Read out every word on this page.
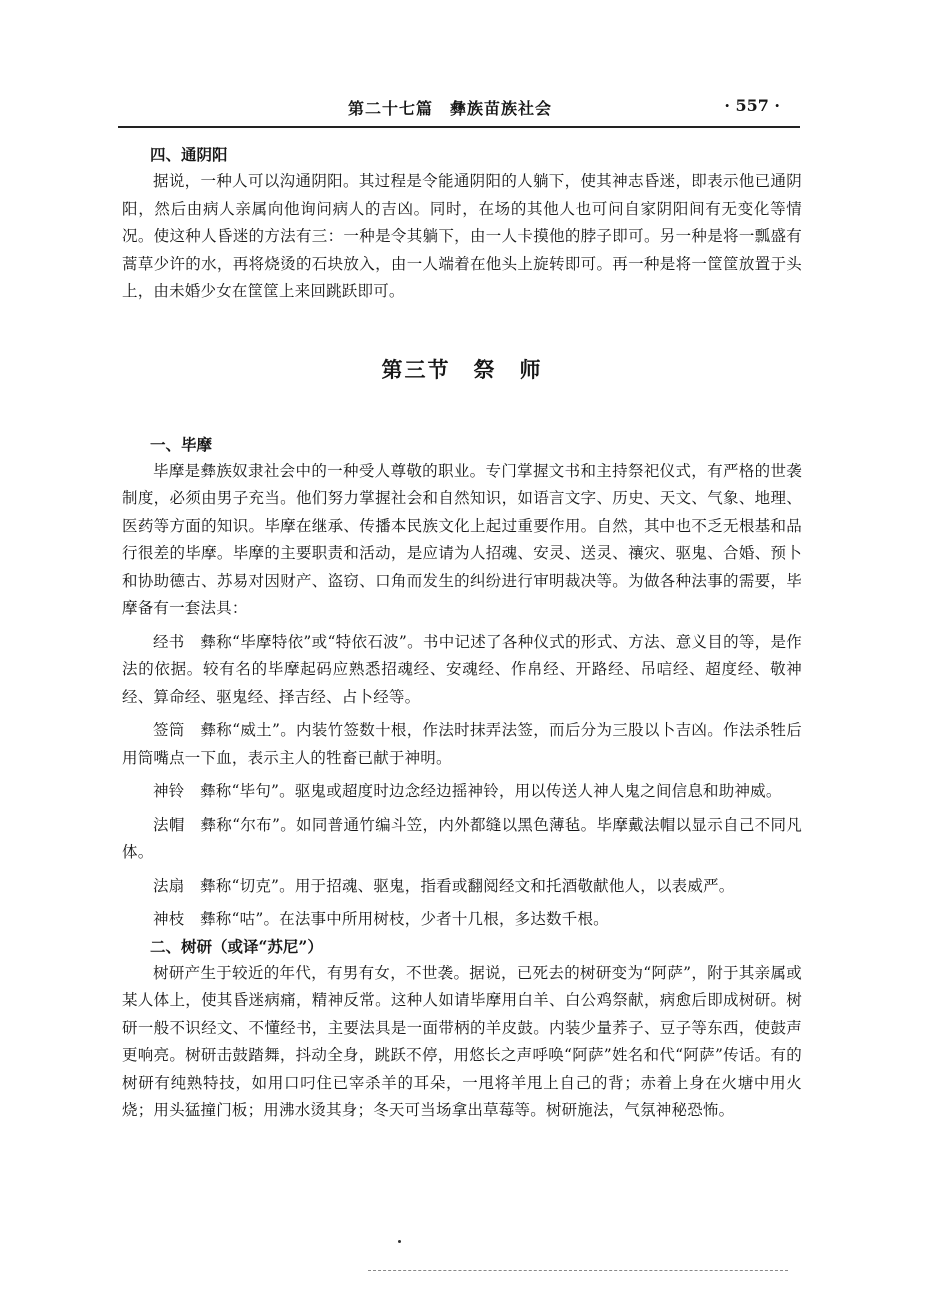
第二十七篇　彝族苗族社会	· 557 ·
四、通阴阳

据说，一种人可以沟通阴阳。其过程是令能通阴阳的人躺下，使其神志昏迷，即表示他已通阴阳，然后由病人亲属向他询问病人的吉凶。同时，在场的其他人也可问自家阴阳间有无变化等情况。使这种人昏迷的方法有三：一种是令其躺下，由一人卡摸他的脖子即可。另一种是将一瓢盛有蒿草少许的水，再将烧烫的石块放入，由一人端着在他头上旋转即可。再一种是将一筐筐放置于头上，由未婚少女在筐筐上来回跳跃即可。

第三节　祭　师
一、毕摩

毕摩是彝族奴隶社会中的一种受人尊敬的职业。专门掌握文书和主持祭祀仪式，有严格的世袭制度，必须由男子充当。他们努力掌握社会和自然知识，如语言文字、历史、天文、气象、地理、医药等方面的知识。毕摩在继承、传播本民族文化上起过重要作用。自然，其中也不乏无根基和品行很差的毕摩。毕摩的主要职责和活动，是应请为人招魂、安灵、送灵、禳灾、驱鬼、合婚、预卜和协助德古、苏易对因财产、盗窃、口角而发生的纠纷进行审明裁决等。为做各种法事的需要，毕摩备有一套法具：

经书　彝称“毕摩特依”或“特依石波”。书中记述了各种仪式的形式、方法、意义目的等，是作法的依据。较有名的毕摩起码应熟悉招魂经、安魂经、作帛经、开路经、吊唁经、超度经、敬神经、算命经、驱鬼经、择吉经、占卜经等。

签筒　彝称“威土”。内装竹签数十根，作法时抹弄法签，而后分为三股以卜吉凶。作法杀牲后用筒嘴点一下血，表示主人的牲畜已献于神明。

神铃　彝称“毕句”。驱鬼或超度时边念经边摇神铃，用以传送人神人鬼之间信息和助神威。

法帽　彝称“尔布”。如同普通竹编斗笠，内外都缝以黑色薄毡。毕摩戴法帽以显示自己不同凡体。

法扇　彝称“切克”。用于招魂、驱鬼，指看或翻阅经文和托酒敬献他人，以表威严。

神枝　彝称“咕”。在法事中所用树枝，少者十几根，多达数千根。

二、树研（或译“苏尼”）

树研产生于较近的年代，有男有女，不世袭。据说，已死去的树研变为“阿萨”，附于其亲属或某人体上，使其昏迷病痛，精神反常。这种人如请毕摩用白羊、白公鸡祭献，病愈后即成树研。树研一般不识经文、不懂经书，主要法具是一面带柄的羊皮鼓。内装少量荞子、豆子等东西，使鼓声更响亮。树研击鼓踏舞，抖动全身，跳跃不停，用悠长之声呼唤“阿萨”姓名和代“阿萨”传话。有的树研有纯熟特技，如用口叼住已宰杀羊的耳朵，一甩将羊甩上自己的背；赤着上身在火塘中用火烧；用头猛撞门板；用沸水烫其身；冬天可当场拿出草莓等。树研施法，气氛神秘恐怖。
